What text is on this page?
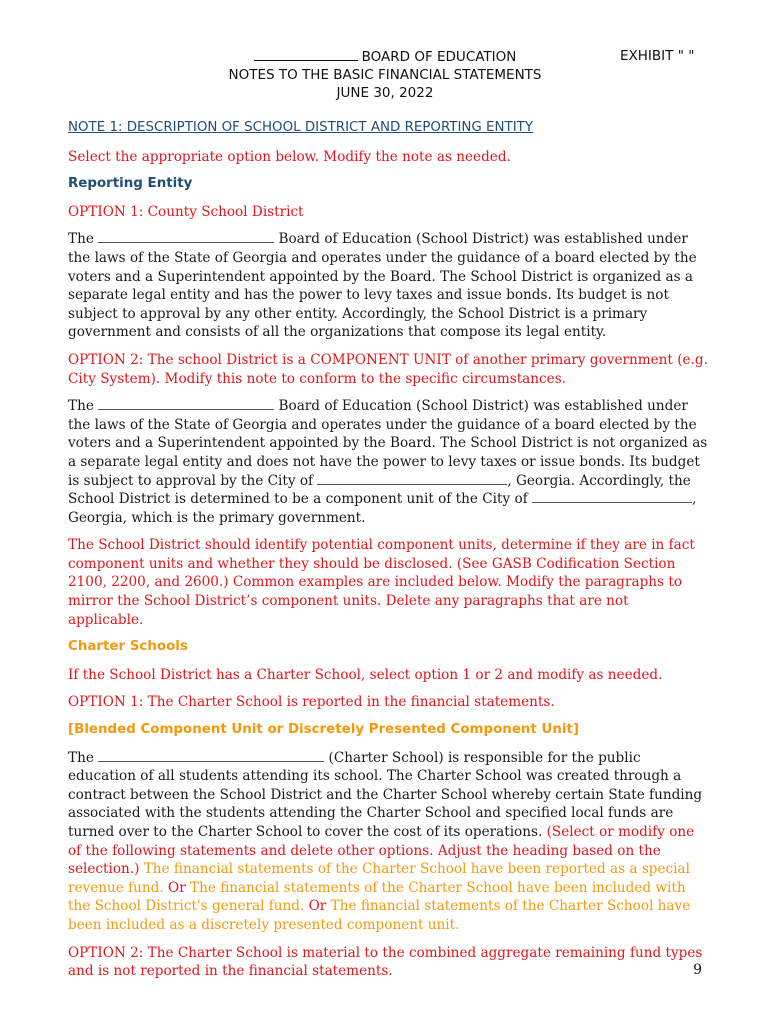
BOARD OF EDUCATION	EXHIBIT " "
NOTES TO THE BASIC FINANCIAL STATEMENTS
JUNE 30, 2022

NOTE 1: DESCRIPTION OF SCHOOL DISTRICT AND REPORTING ENTITY

Select the appropriate option below. Modify the note as needed.

Reporting Entity

OPTION 1: County School District

The	Board of Education (School District) was established under the laws of the State of Georgia and operates under the guidance of a board elected by the voters and a Superintendent appointed by the Board. The School District is organized as a separate legal entity and has the power to levy taxes and issue bonds. Its budget is not subject to approval by any other entity. Accordingly, the School District is a primary government and consists of all the organizations that compose its legal entity.

OPTION 2: The school District is a COMPONENT UNIT of another primary government (e.g. City System). Modify this note to conform to the specific circumstances.

The	Board of Education (School District) was established under the laws of the State of Georgia and operates under the guidance of a board elected by the voters and a Superintendent appointed by the Board. The School District is not organized as a separate legal entity and does not have the power to levy taxes or issue bonds. Its budget is subject to approval by the City of	, Georgia. Accordingly, the School District is determined to be a component unit of the City of	, Georgia, which is the primary government.

The School District should identify potential component units, determine if they are in fact component units and whether they should be disclosed. (See GASB Codification Section 2100, 2200, and 2600.) Common examples are included below. Modify the paragraphs to mirror the School District’s component units. Delete any paragraphs that are not applicable.

Charter Schools

If the School District has a Charter School, select option 1 or 2 and modify as needed.

OPTION 1: The Charter School is reported in the financial statements.

[Blended Component Unit or Discretely Presented Component Unit]

The	(Charter School) is responsible for the public education of all students attending its school. The Charter School was created through a contract between the School District and the Charter School whereby certain State funding associated with the students attending the Charter School and specified local funds are turned over to the Charter School to cover the cost of its operations. (Select or modify one of the following statements and delete other options. Adjust the heading based on the selection.) The financial statements of the Charter School have been reported as a special revenue fund. Or The financial statements of the Charter School have been included with the School District's general fund. Or The financial statements of the Charter School have been included as a discretely presented component unit.

OPTION 2: The Charter School is material to the combined aggregate remaining fund types and is not reported in the financial statements.	9
